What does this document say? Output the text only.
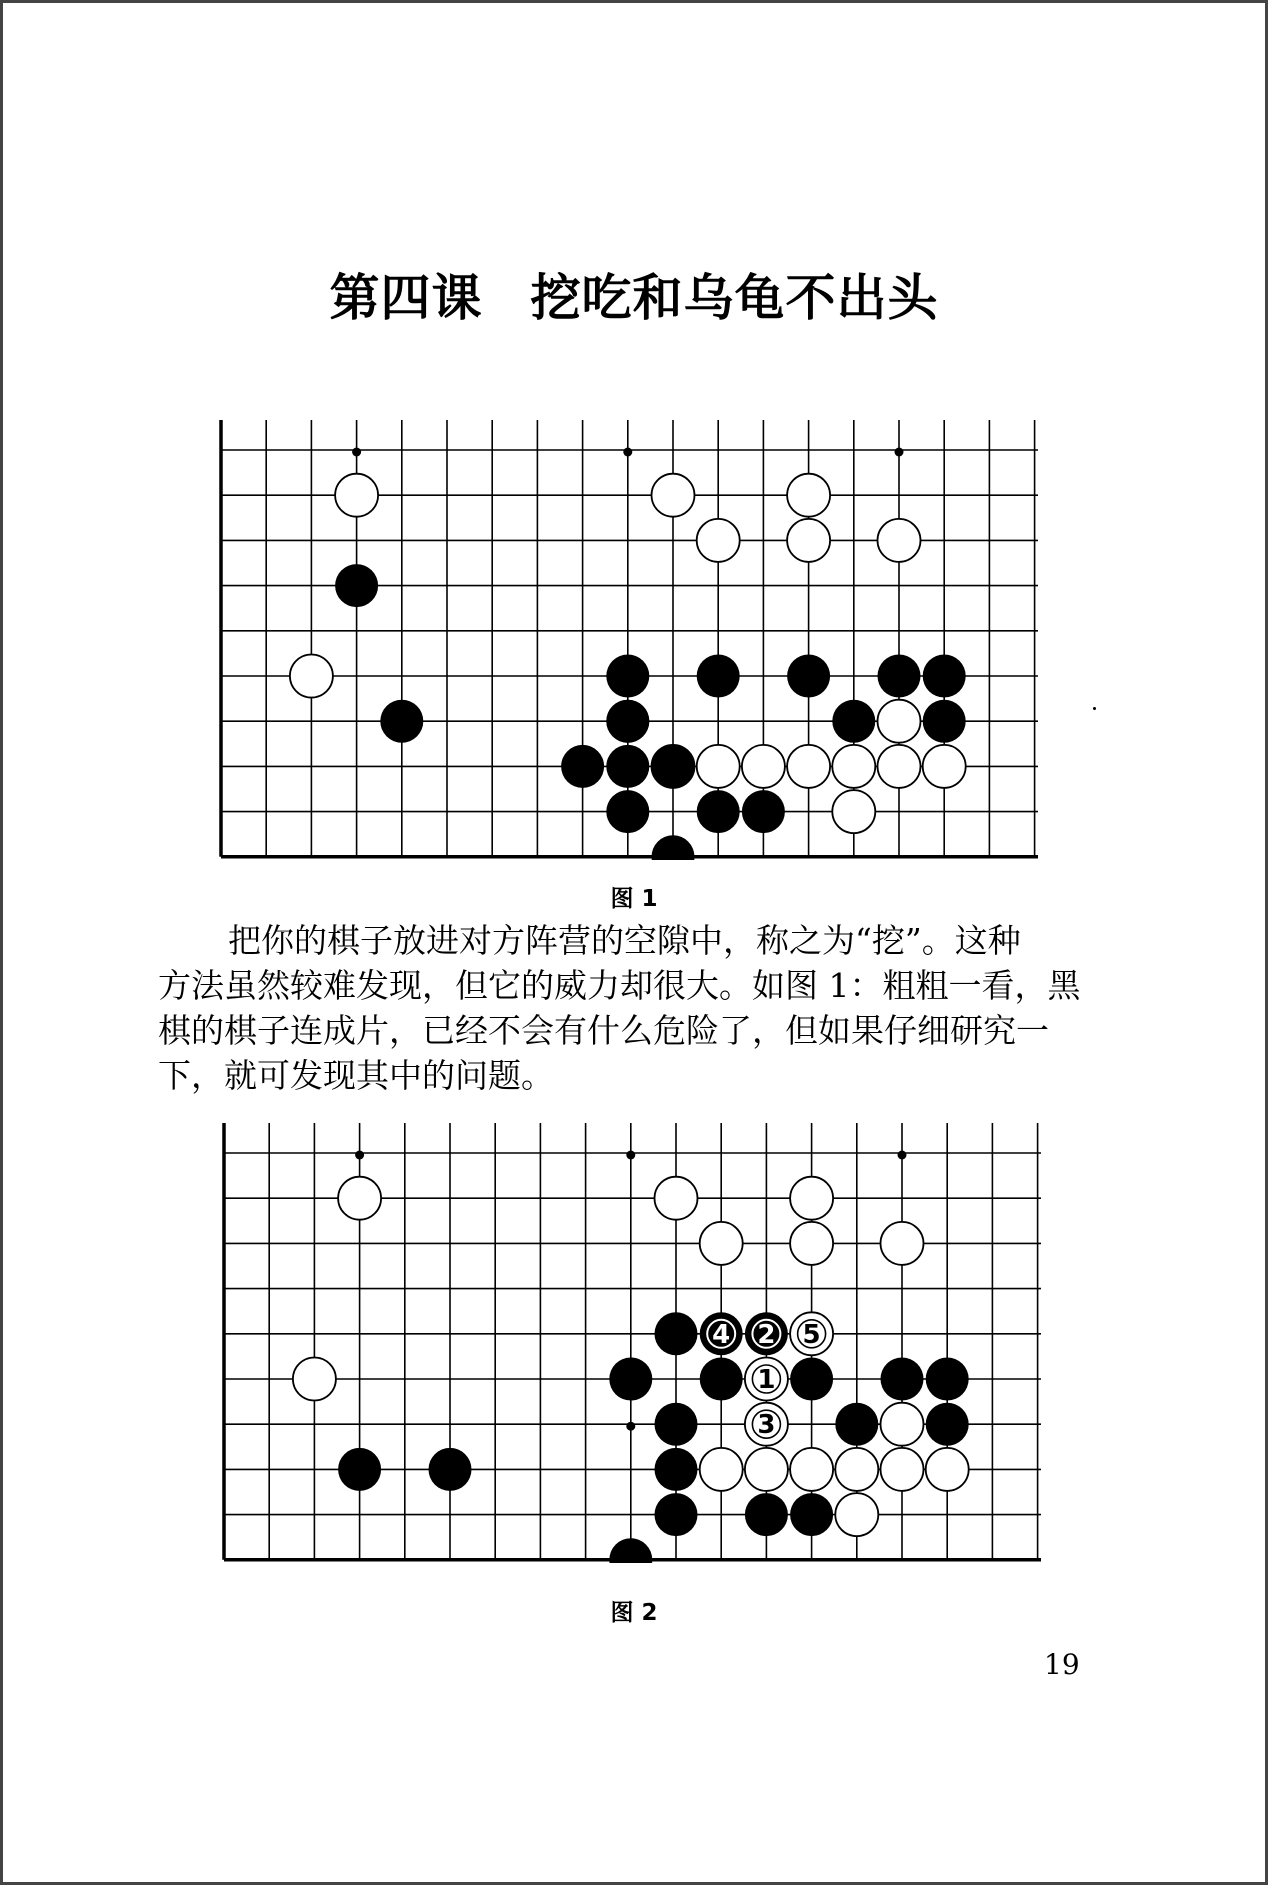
第四课 挖吃和乌龟不出头
图 1
把你的棋子放进对方阵营的空隙中，称之为“挖”。这种
方法虽然较难发现，但它的威力却很大。如图 1：粗粗一看，黑
棋的棋子连成片，已经不会有什么危险了，但如果仔细研究一
下，就可发现其中的问题。
1
2
3
4	5
图 2
19
